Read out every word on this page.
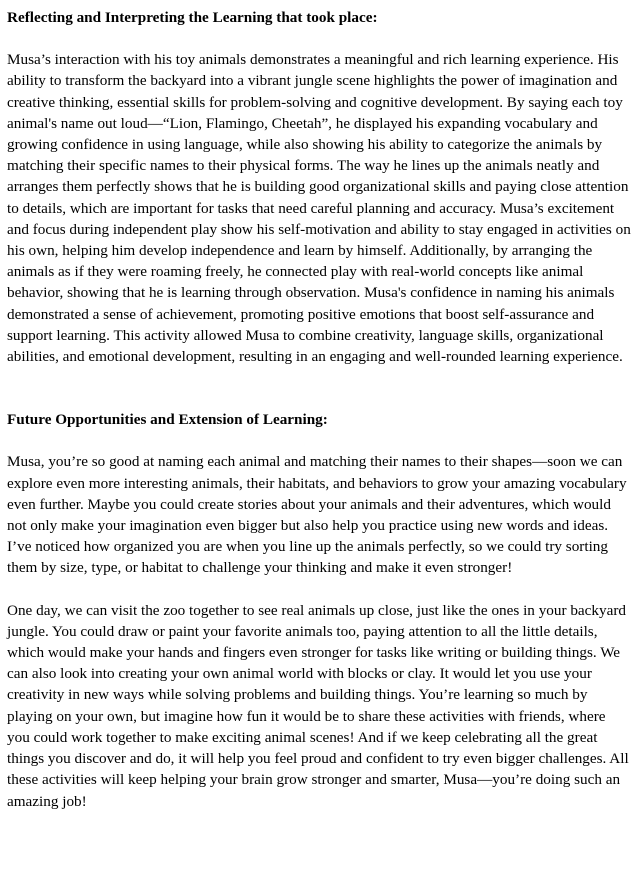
Reflecting and Interpreting the Learning that took place:

Musa’s interaction with his toy animals demonstrates a meaningful and rich learning experience. His ability to transform the backyard into a vibrant jungle scene highlights the power of imagination and creative thinking, essential skills for problem-solving and cognitive development. By saying each toy animal's name out loud—“Lion, Flamingo, Cheetah”, he displayed his expanding vocabulary and growing confidence in using language, while also showing his ability to categorize the animals by matching their specific names to their physical forms. The way he lines up the animals neatly and arranges them perfectly shows that he is building good organizational skills and paying close attention to details, which are important for tasks that need careful planning and accuracy. Musa’s excitement and focus during independent play show his self-motivation and ability to stay engaged in activities on his own, helping him develop independence and learn by himself. Additionally, by arranging the animals as if they were roaming freely, he connected play with real-world concepts like animal behavior, showing that he is learning through observation. Musa's confidence in naming his animals demonstrated a sense of achievement, promoting positive emotions that boost self-assurance and support learning. This activity allowed Musa to combine creativity, language skills, organizational abilities, and emotional development, resulting in an engaging and well-rounded learning experience.

Future Opportunities and Extension of Learning:

Musa, you’re so good at naming each animal and matching their names to their shapes—soon we can explore even more interesting animals, their habitats, and behaviors to grow your amazing vocabulary even further. Maybe you could create stories about your animals and their adventures, which would not only make your imagination even bigger but also help you practice using new words and ideas. I’ve noticed how organized you are when you line up the animals perfectly, so we could try sorting them by size, type, or habitat to challenge your thinking and make it even stronger!

One day, we can visit the zoo together to see real animals up close, just like the ones in your backyard jungle. You could draw or paint your favorite animals too, paying attention to all the little details, which would make your hands and fingers even stronger for tasks like writing or building things. We can also look into creating your own animal world with blocks or clay. It would let you use your creativity in new ways while solving problems and building things. You’re learning so much by playing on your own, but imagine how fun it would be to share these activities with friends, where you could work together to make exciting animal scenes! And if we keep celebrating all the great things you discover and do, it will help you feel proud and confident to try even bigger challenges. All these activities will keep helping your brain grow stronger and smarter, Musa—you’re doing such an amazing job!
